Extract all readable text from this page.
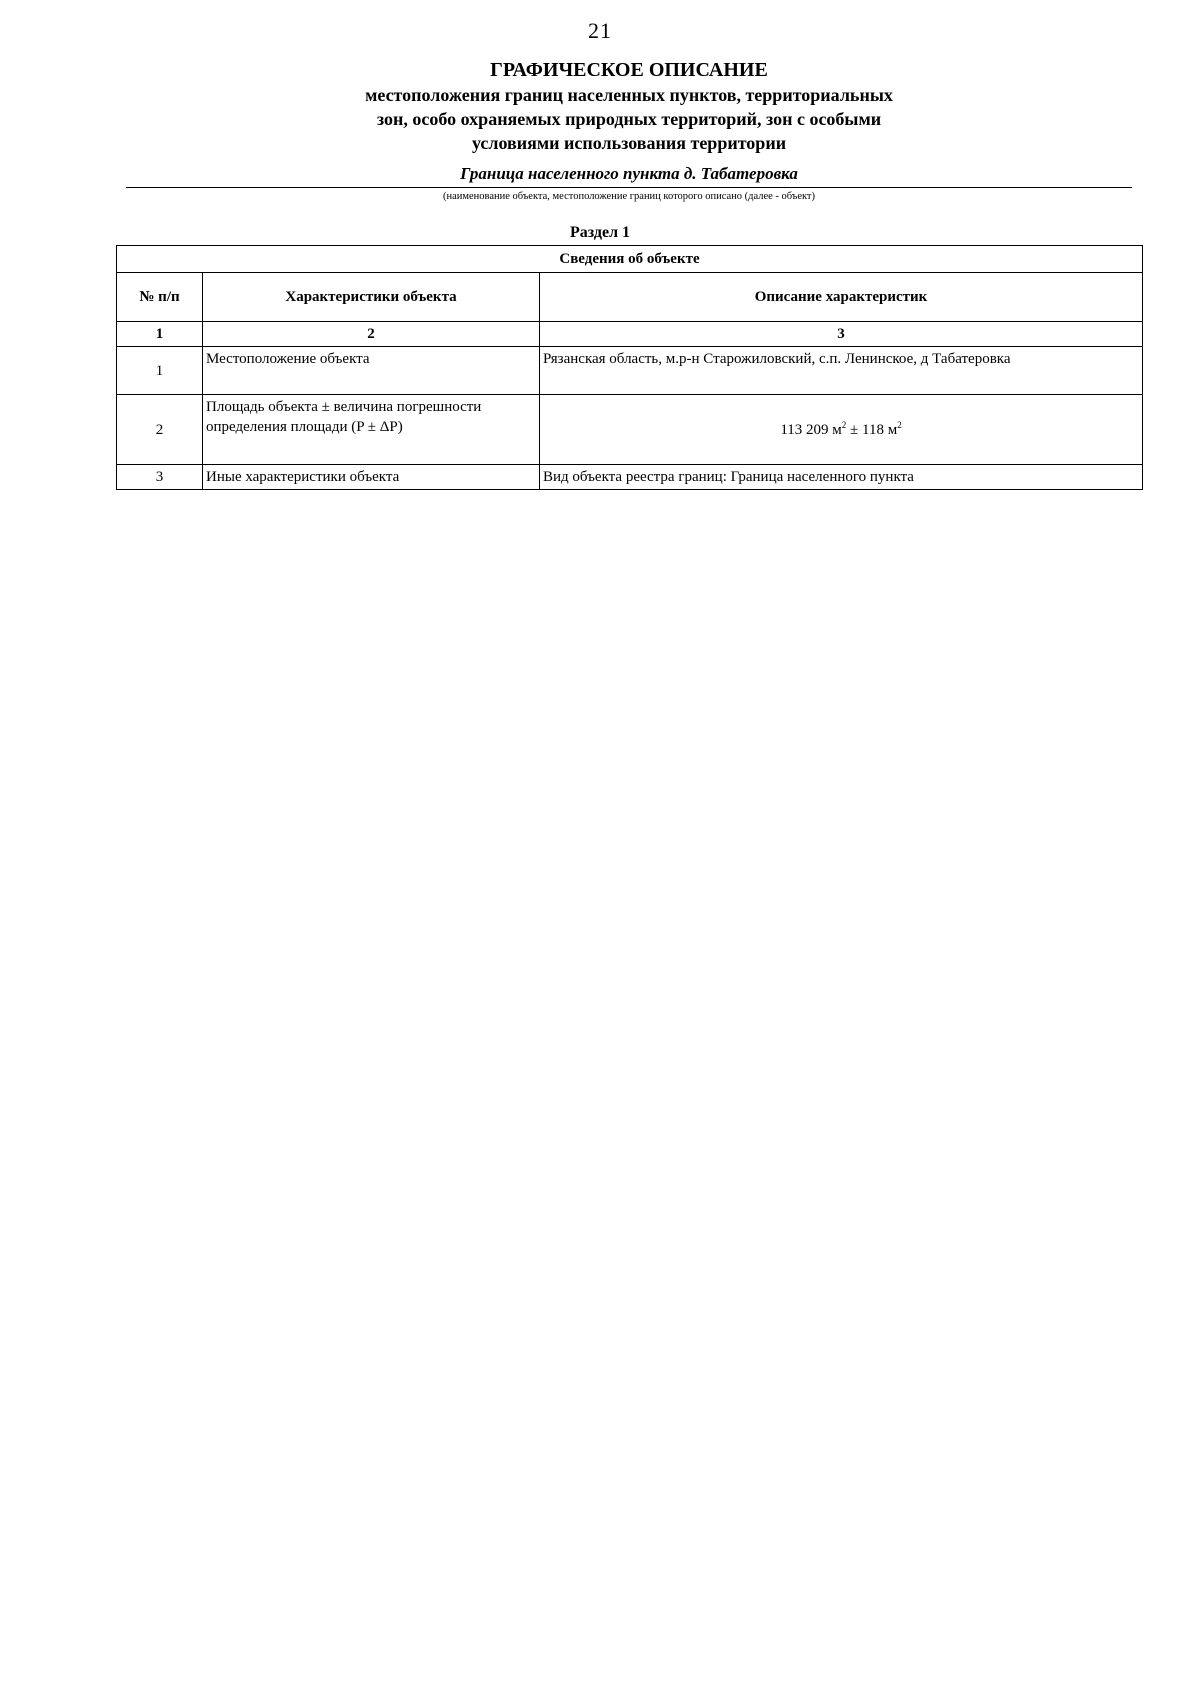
21

ГРАФИЧЕСКОЕ ОПИСАНИЕ

местоположения границ населенных пунктов, территориальных

зон, особо охраняемых природных территорий, зон с особыми

условиями использования территории

Граница населенного пункта д. Табатеровка
(наименование объекта, местоположение границ которого описано (далее - объект)
Раздел 1
Сведения об объекте		
№ п/п	Характеристики объекта	Описание характеристик
1	2	3
1	Местоположение объекта	Рязанская область, м.р-н Старожиловский, с.п. Ленинское, д Табатеровка
2	Площадь объекта ± величина погрешности определения площади (P ± ΔP)	113 209 $м^2 \pm 118$ $м^2$
3	Иные характеристики объекта	Вид объекта реестра границ: Граница населенного пункта
